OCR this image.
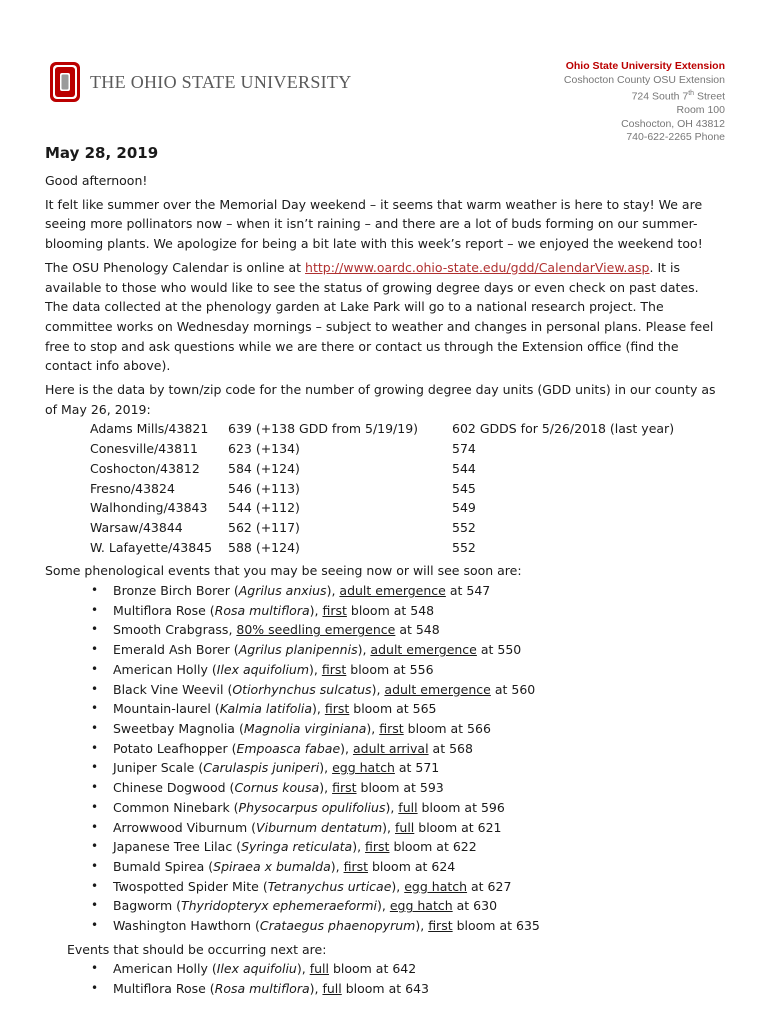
THE OHIO STATE UNIVERSITY
Ohio State University Extension
Coshocton County OSU Extension
724 South 7th Street
Room 100
Coshocton, OH 43812
740-622-2265 Phone
May 28, 2019

Good afternoon!

It felt like summer over the Memorial Day weekend – it seems that warm weather is here to stay! We are seeing more pollinators now – when it isn’t raining – and there are a lot of buds forming on our summer-blooming plants. We apologize for being a bit late with this week’s report – we enjoyed the weekend too!

The OSU Phenology Calendar is online at http://www.oardc.ohio-state.edu/gdd/CalendarView.asp. It is available to those who would like to see the status of growing degree days or even check on past dates. The data collected at the phenology garden at Lake Park will go to a national research project. The committee works on Wednesday mornings – subject to weather and changes in personal plans. Please feel free to stop and ask questions while we are there or contact us through the Extension office (find the contact info above).

Here is the data by town/zip code for the number of growing degree day units (GDD units) in our county as of May 26, 2019:
Adams Mills/43821	639 (+138 GDD from 5/19/19)	602 GDDS for 5/26/2018 (last year)
Conesville/43811	623 (+134)	574
Coshocton/43812	584 (+124)	544
Fresno/43824	546 (+113)	545
Walhonding/43843	544 (+112)	549
Warsaw/43844	562 (+117)	552
W. Lafayette/43845	588 (+124)	552
Some phenological events that you may be seeing now or will see soon are:
• Bronze Birch Borer (Agrilus anxius), adult emergence at 547
• Multiflora Rose (Rosa multiflora), first bloom at 548
• Smooth Crabgrass, 80% seedling emergence at 548
• Emerald Ash Borer (Agrilus planipennis), adult emergence at 550
• American Holly (Ilex aquifolium), first bloom at 556
• Black Vine Weevil (Otiorhynchus sulcatus), adult emergence at 560
• Mountain-laurel (Kalmia latifolia), first bloom at 565
• Sweetbay Magnolia (Magnolia virginiana), first bloom at 566
• Potato Leafhopper (Empoasca fabae), adult arrival at 568
• Juniper Scale (Carulaspis juniperi), egg hatch at 571
• Chinese Dogwood (Cornus kousa), first bloom at 593
• Common Ninebark (Physocarpus opulifolius), full bloom at 596
• Arrowwood Viburnum (Viburnum dentatum), full bloom at 621
• Japanese Tree Lilac (Syringa reticulata), first bloom at 622
• Bumald Spirea (Spiraea x bumalda), first bloom at 624
• Twospotted Spider Mite (Tetranychus urticae), egg hatch at 627
• Bagworm (Thyridopteryx ephemeraeformi), egg hatch at 630
• Washington Hawthorn (Crataegus phaenopyrum), first bloom at 635
Events that should be occurring next are:
• American Holly (Ilex aquifoliu), full bloom at 642
• Multiflora Rose (Rosa multiflora), full bloom at 643
